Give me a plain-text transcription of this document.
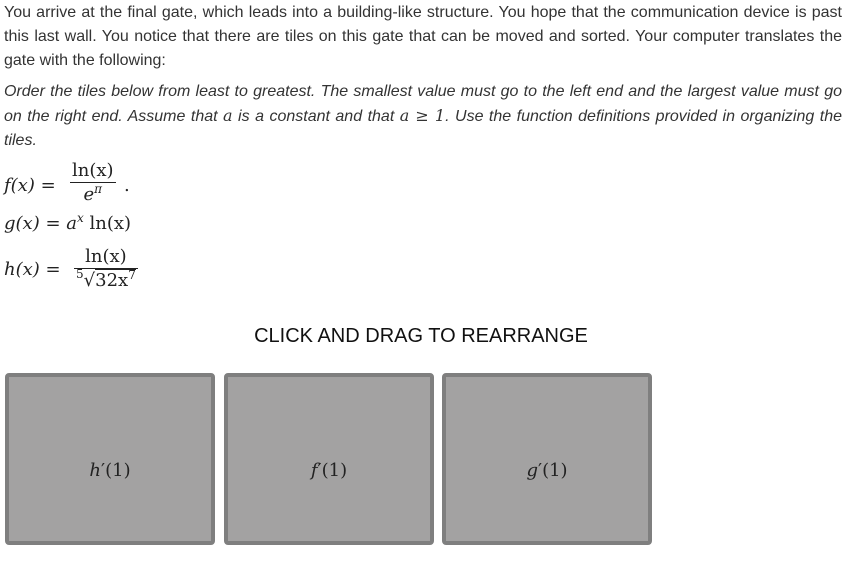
You arrive at the final gate, which leads into a building-like structure. You hope that the communication device is past this last wall. You notice that there are tiles on this gate that can be moved and sorted. Your computer translates the gate with the following:

Order the tiles below from least to greatest. The smallest value must go to the left end and the largest value must go on the right end. Assume that a is a constant and that a ≥ 1. Use the function definitions provided in organizing the tiles.

f(x) =
ln(x)
$e^\pi$	.
$g(x) = a^x$ ln(x)
h(x) =
ln(x)
$^5√32x^7$
CLICK AND DRAG TO REARRANGE
h′(1)	f′(1)	g′(1)
